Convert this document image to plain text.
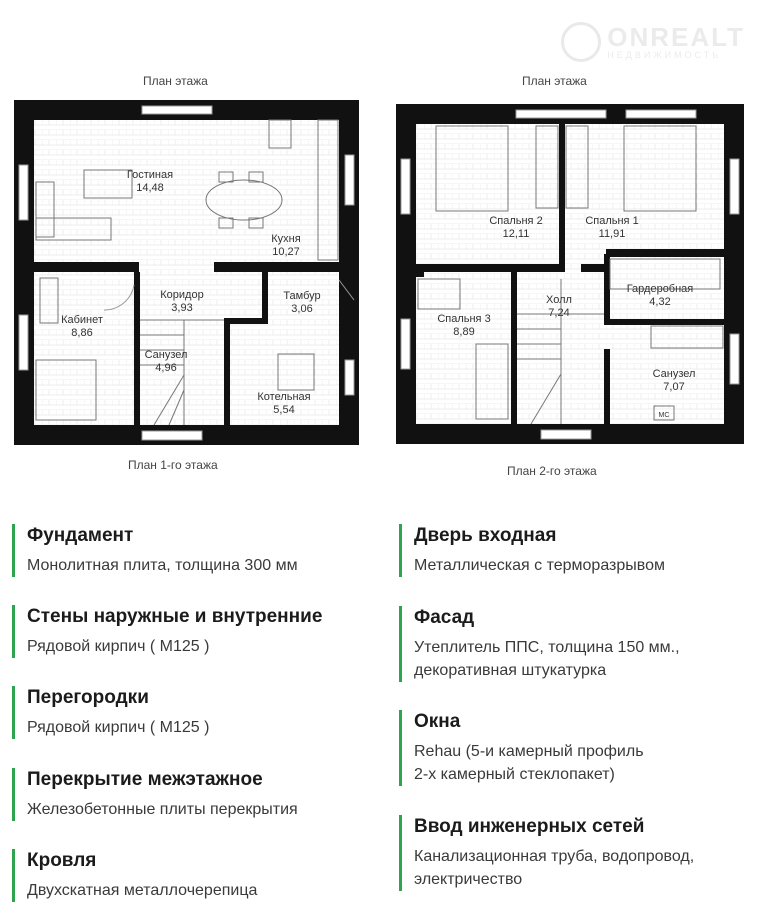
ONREALT
НЕДВИЖИМОСТЬ
План этажа	План этажа
План 1-го этажа	План 2-го этажа
Гостиная
14,48
Кухня
10,27
Коридор
3,93
Тамбур
3,06
Кабинет
8,86
Санузел
4,96
Котельная
5,54	МС
Спальня 2
12,11
Спальня 1
11,91
Холл
7,24
Гардеробная
4,32
Спальня 3
8,89
Санузел
7,07
Фундамент
Монолитная плита, толщина 300 мм
Стены наружные и внутренние
Рядовой кирпич ( М125 )
Перегородки
Рядовой кирпич ( М125 )
Перекрытие межэтажное
Железобетонные плиты перекрытия
Кровля
Двухскатная металлочерепица
Дверь входная
Металлическая с терморазрывом
Фасад
Утеплитель ППС, толщина 150 мм.,
декоративная штукатурка
Окна
Rehau (5-и камерный профиль
2-х камерный стеклопакет)
Ввод инженерных сетей
Канализационная труба, водопровод,
электричество
